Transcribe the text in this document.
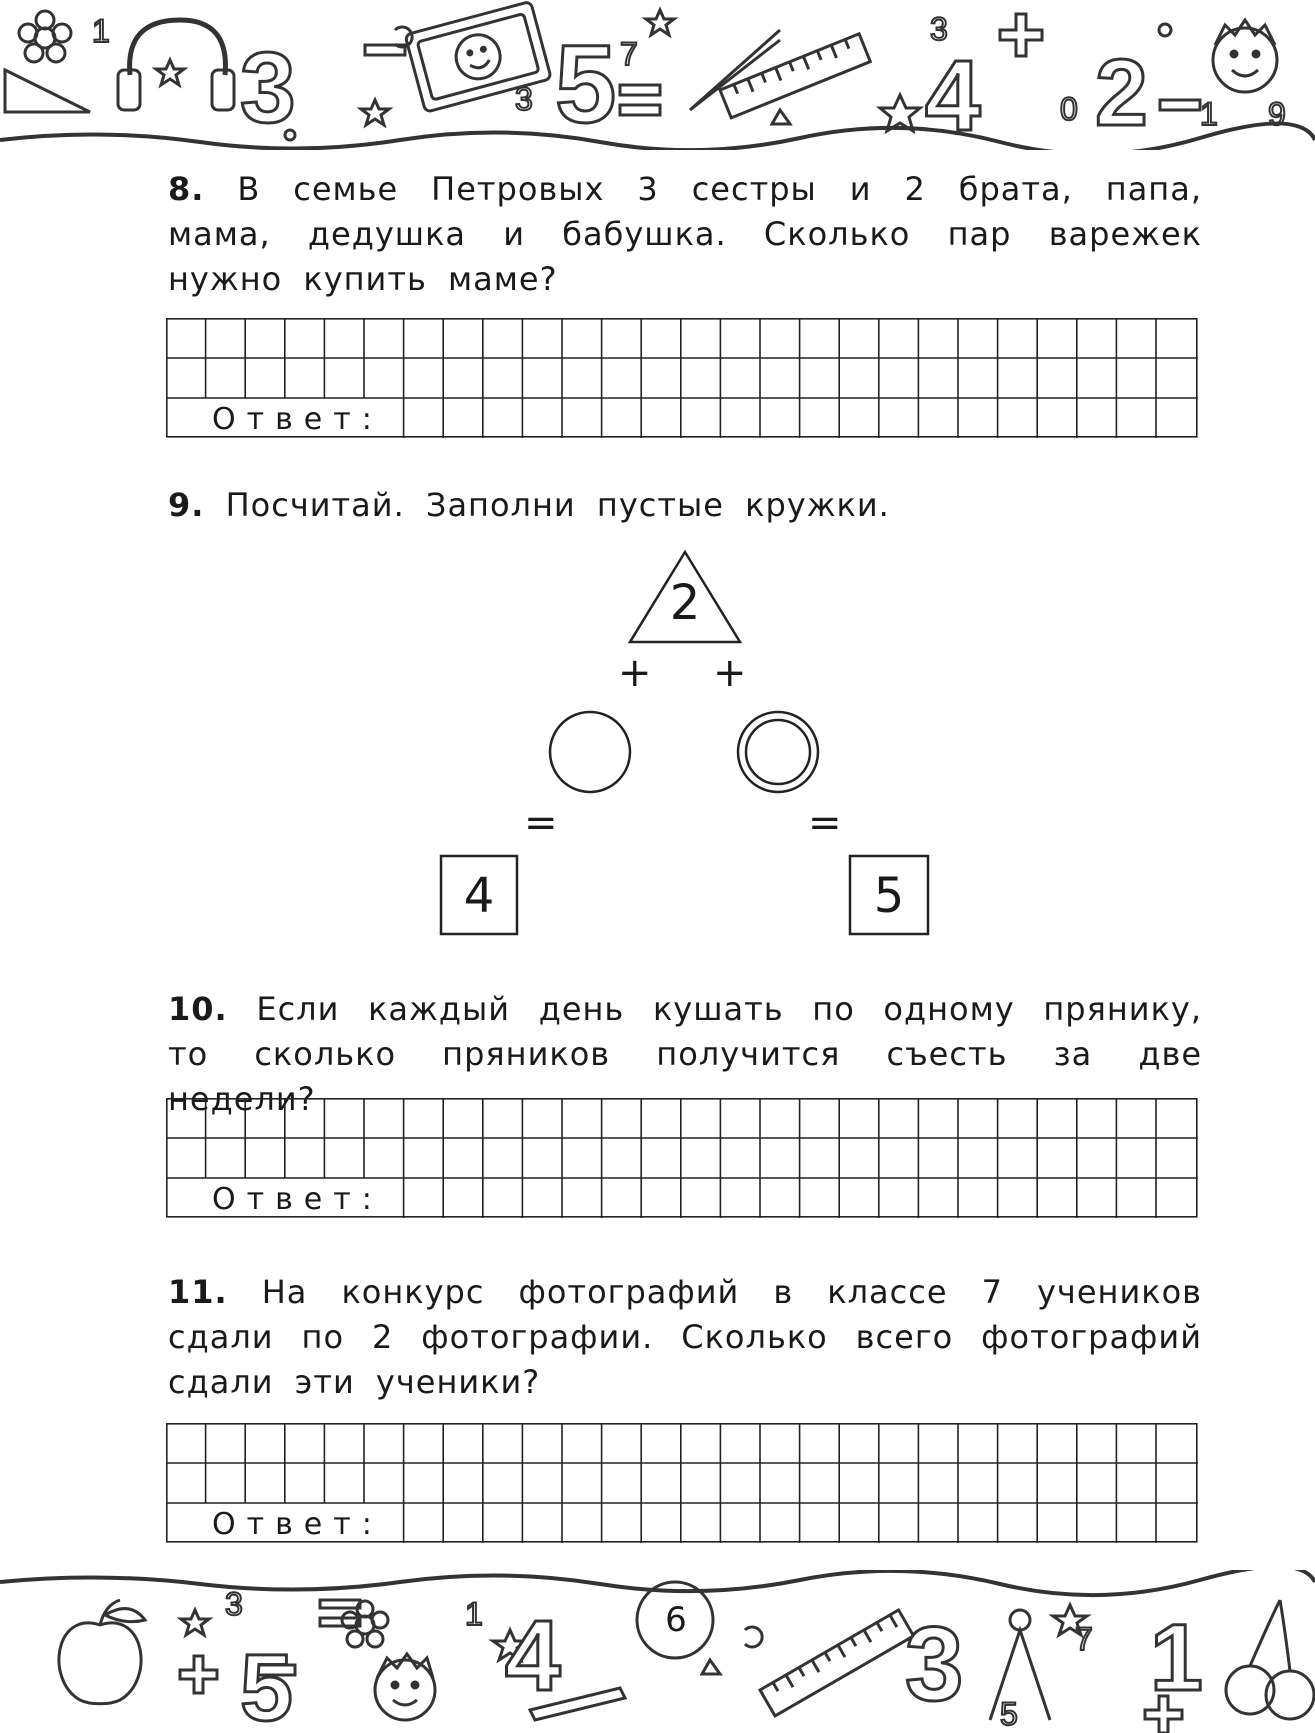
3 5	4 2
1
3
7
3
1 9
0
8. В семье Петровых 3 сестры и 2 брата, папа, мама, дедушка и бабушка. Сколько пар варежек нужно купить маме?
Ответ:
9. Посчитай. Заполни пустые кружки.
2
+ +
=	=
4	5
10. Если каждый день кушать по одному прянику, то сколько пряников получится съесть за две недели?
Ответ:
11. На конкурс фотографий в классе 7 учеников сдали по 2 фотографии. Сколько всего фотографий сдали эти ученики?
Ответ:
5 4	3 1
3	1
7
5
6
